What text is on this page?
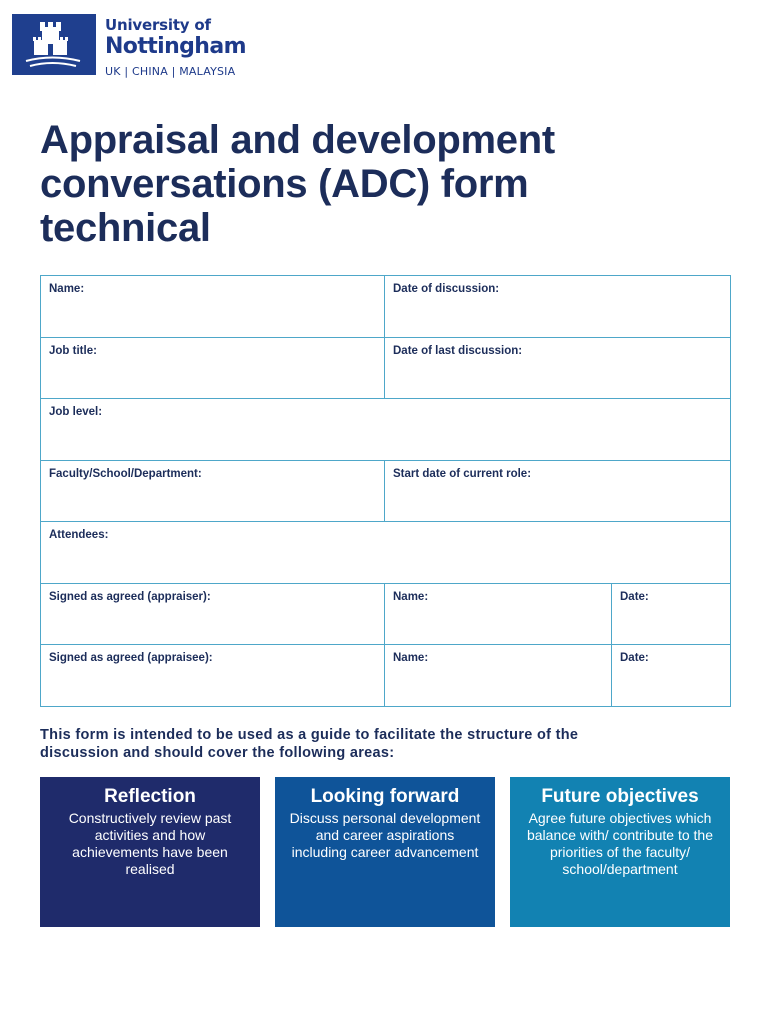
University of
Nottingham
UK | CHINA | MALAYSIA
Appraisal and development conversations (ADC) form technical
Name:	Date of discussion:	

Job title:	Date of last discussion:	

Job level:		

Faculty/School/Department:	Start date of current role:	

Attendees:		

Signed as agreed (appraiser):	Name:	Date:

Signed as agreed (appraisee):	Name:	Date:

This form is intended to be used as a guide to facilitate the structure of the discussion and should cover the following areas:

Reflection
Constructively review past activities and how achievements have been realised
Looking forward
Discuss personal development and career aspirations including career advancement
Future objectives
Agree future objectives which balance with/ contribute to the priorities of the faculty/ school/department
